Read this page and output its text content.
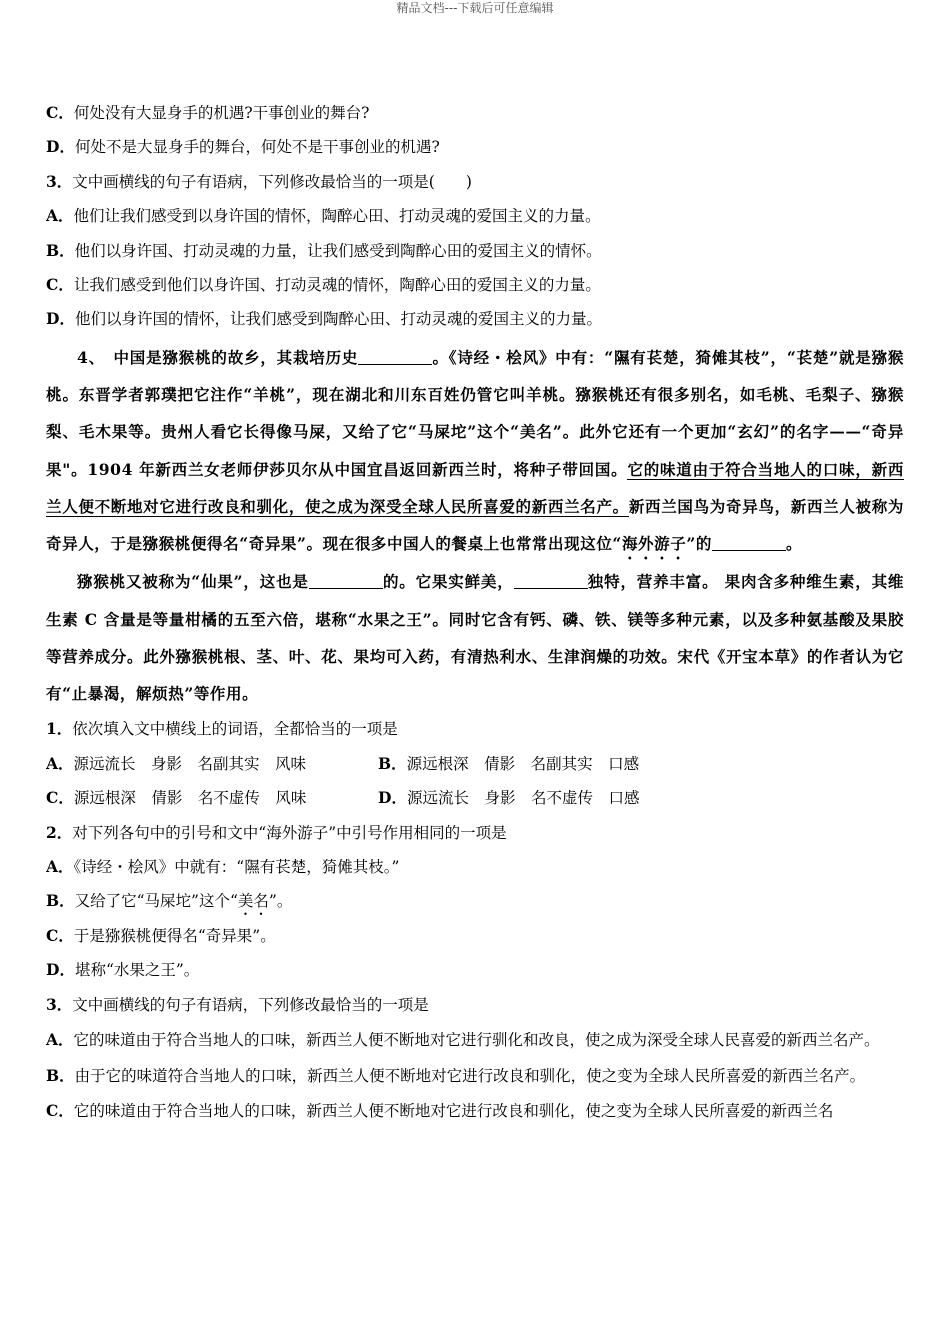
精品文档---下载后可任意编辑
C．何处没有大显身手的机遇?干事创业的舞台?
D．何处不是大显身手的舞台，何处不是干事创业的机遇?
3．文中画横线的句子有语病，下列修改最恰当的一项是(　　)
A．他们让我们感受到以身许国的情怀，陶醉心田、打动灵魂的爱国主义的力量。
B．他们以身许国、打动灵魂的力量，让我们感受到陶醉心田的爱国主义的情怀。
C．让我们感受到他们以身许国、打动灵魂的情怀，陶醉心田的爱国主义的力量。
D．他们以身许国的情怀，让我们感受到陶醉心田、打动灵魂的爱国主义的力量。
4、　中国是猕猴桃的故乡，其栽培历史	。《诗经・桧风》中有：“隰有苌楚，猗傩其枝”，“苌楚”就是猕猴桃。东晋学者郭璞把它注作“羊桃”，现在湖北和川东百姓仍管它叫羊桃。猕猴桃还有很多别名，如毛桃、毛梨子、猕猴梨、毛木果等。贵州人看它长得像马屎，又给了它“马屎坨”这个“美名”。此外它还有一个更加“玄幻”的名字——“奇异果"。1904 年新西兰女老师伊莎贝尔从中国宜昌返回新西兰时，将种子带回国。它的味道由于符合当地人的口味，新西兰人便不断地对它进行改良和驯化，使之成为深受全球人民所喜爱的新西兰名产。新西兰国鸟为奇异鸟，新西兰人被称为奇异人，于是猕猴桃便得名“奇异果”。现在很多中国人的餐桌上也常常出现这位“海外游子”的	。
猕猴桃又被称为“仙果”，这也是	的。它果实鲜美，	独特，营养丰富。 果肉含多种维生素，其维生素 C 含量是等量柑橘的五至六倍，堪称“水果之王”。同时它含有钙、磷、铁、镁等多种元素，以及多种氨基酸及果胶等营养成分。此外猕猴桃根、茎、叶、花、果均可入药，有清热利水、生津润燥的功效。宋代《开宝本草》的作者认为它有“止暴渴，解烦热”等作用。
1．依次填入文中横线上的词语，全都恰当的一项是
A．源远流长　身影　名副其实　风味	B．源远根深　倩影　名副其实　口感
C．源远根深　倩影　名不虚传　风味	D．源远流长　身影　名不虚传　口感
2．对下列各句中的引号和文中“海外游子”中引号作用相同的一项是
A．《诗经・桧风》中就有：“隰有苌楚，猗傩其枝。”
B．又给了它“马屎坨”这个“美名”。
C．于是猕猴桃便得名“奇异果”。
D．堪称“水果之王”。
3．文中画横线的句子有语病，下列修改最恰当的一项是
A．它的味道由于符合当地人的口味，新西兰人便不断地对它进行驯化和改良，使之成为深受全球人民喜爱的新西兰名产。
B．由于它的味道符合当地人的口味，新西兰人便不断地对它进行改良和驯化，使之变为全球人民所喜爱的新西兰名产。
C．它的味道由于符合当地人的口味，新西兰人便不断地对它进行改良和驯化，使之变为全球人民所喜爱的新西兰名
